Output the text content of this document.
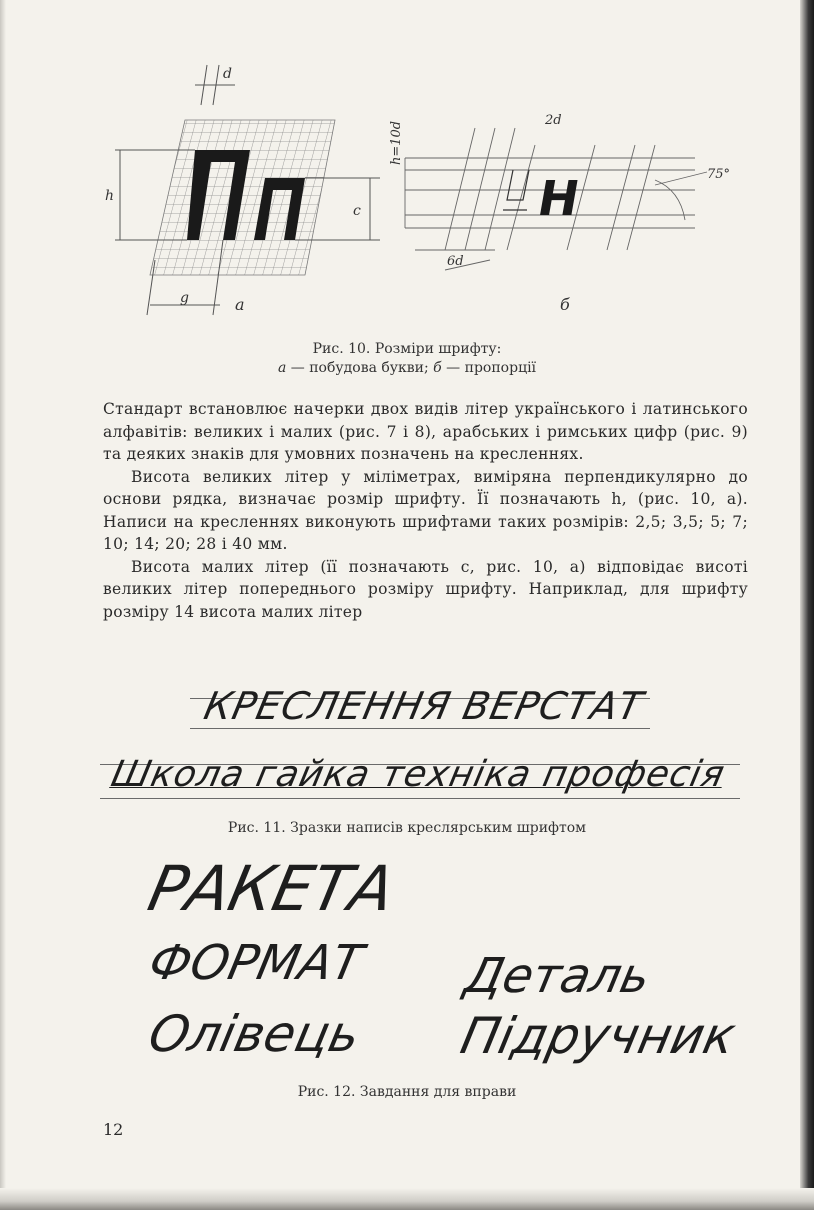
d
h
c
g	а
Н
h=10d
2d
6d
75°
б
Рис. 10. Розміри шрифту:
а — побудова букви; б — пропорції

Стандарт встановлює начерки двох видів літер українського і латинського алфавітів: великих і малих (рис. 7 і 8), арабських і римських цифр (рис. 9) та деяких знаків для умовних позначень на кресленнях.

Висота великих літер у міліметрах, виміряна перпендикулярно до основи рядка, визначає розмір шрифту. Її позначають h, (рис. 10, а). Написи на кресленнях виконують шрифтами таких розмірів: 2,5; 3,5; 5; 7; 10; 14; 20; 28 і 40 мм.

Висота малих літер (її позначають с, рис. 10, а) відповідає висоті великих літер попереднього розміру шрифту. Наприклад, для шрифту розміру 14 висота малих літер

КРЕСЛЕННЯ ВЕРСТАТ
Школа гайка техніка професія
Рис. 11. Зразки написів креслярським шрифтом
РАКЕТА
ФОРМАТ Деталь
Олівець Підручник
Рис. 12. Завдання для вправи
12
